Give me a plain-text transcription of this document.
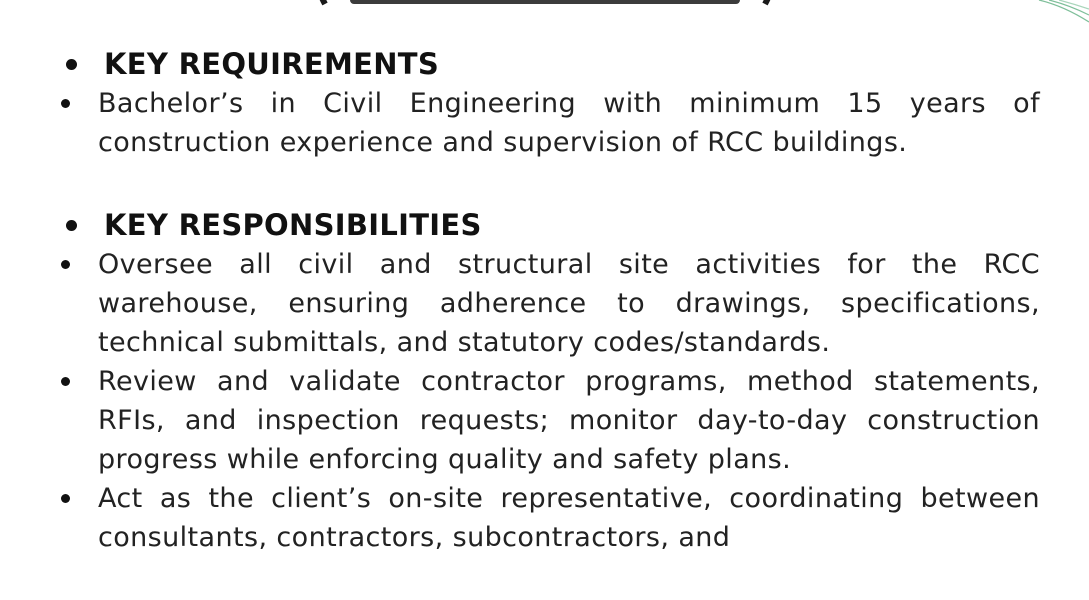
KEY REQUIREMENTS
Bachelor’s in Civil Engineering with minimum 15 years of construction experience and supervision of RCC buildings.
KEY RESPONSIBILITIES
Oversee all civil and structural site activities for the RCC warehouse, ensuring adherence to drawings, specifications, technical submittals, and statutory codes/standards.
Review and validate contractor programs, method statements, RFIs, and inspection requests; monitor day-to-day construction progress while enforcing quality and safety plans.
Act as the client’s on-site representative, coordinating between consultants, contractors, subcontractors, and
